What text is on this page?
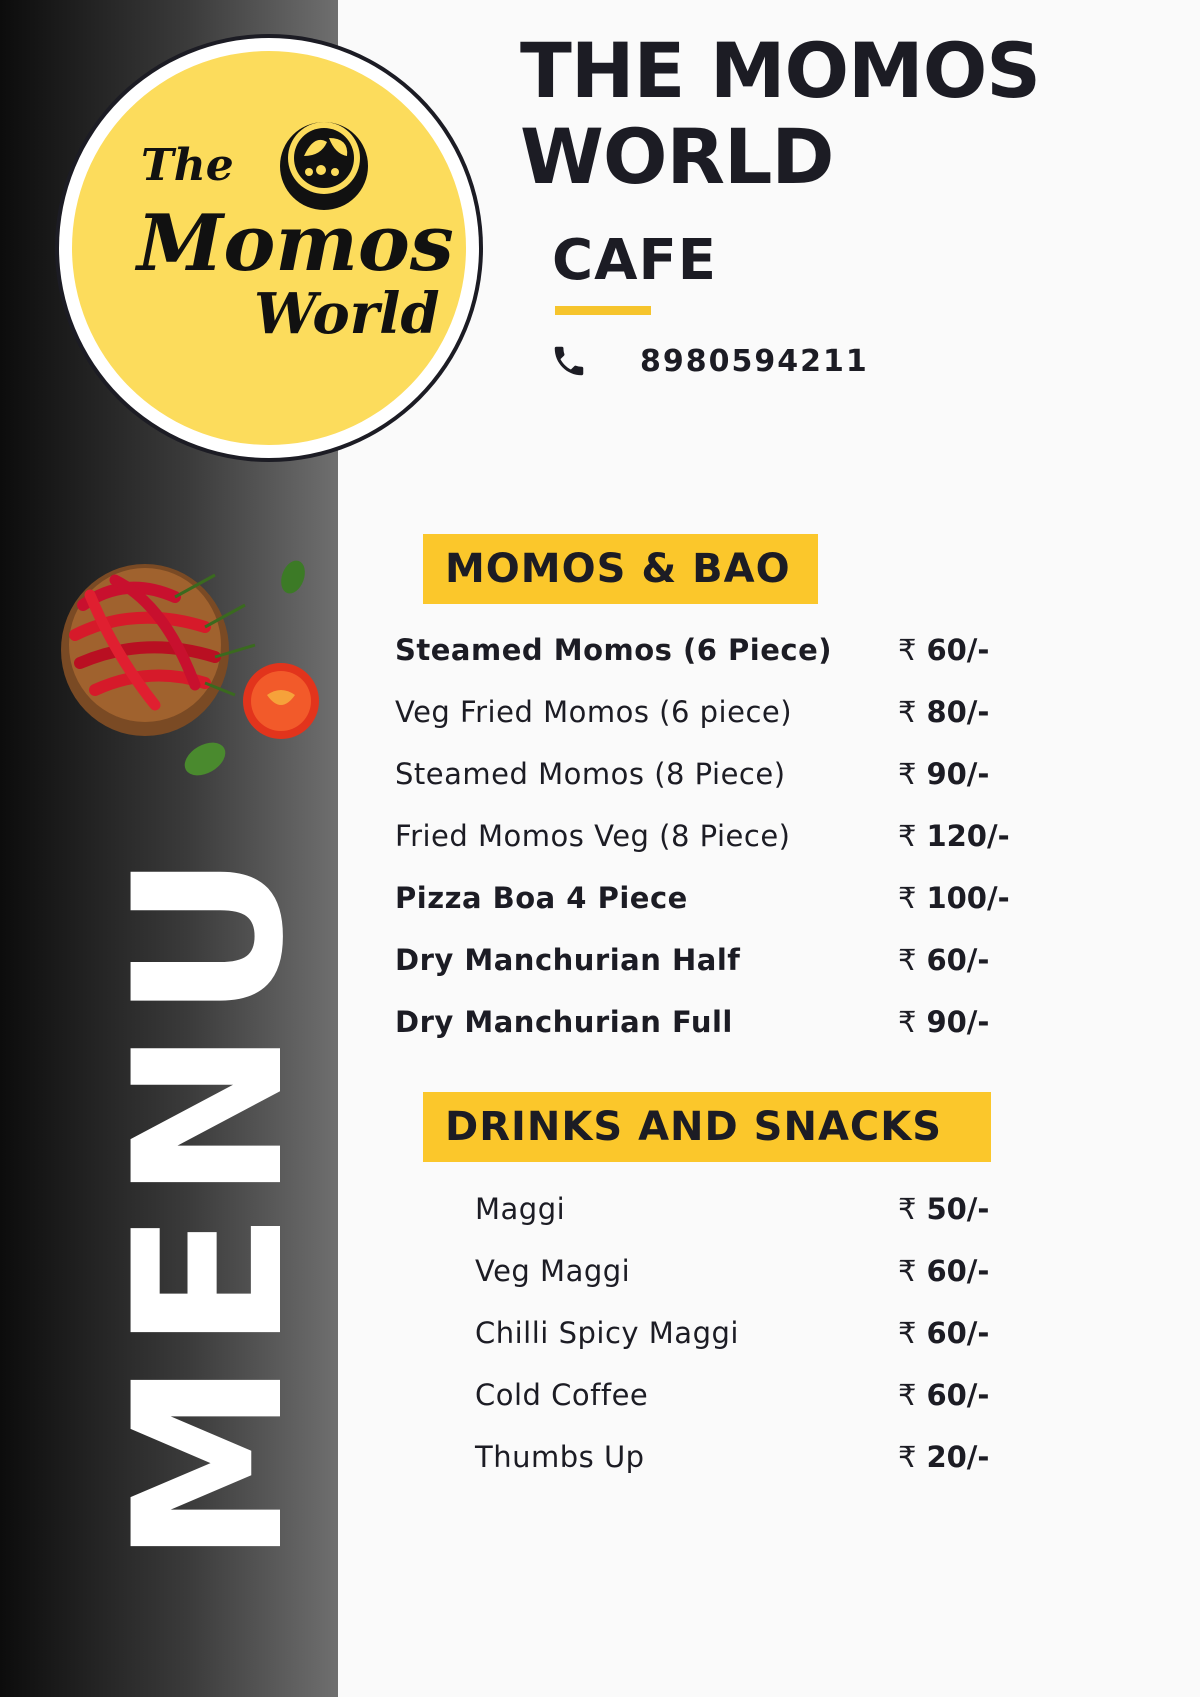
The
Momos
World
MENU
THE MOMOS
WORLD
CAFE
8980594211
MOMOS & BAO
Steamed Momos (6 Piece) ₹ 60/-
Veg Fried Momos (6 piece)	₹ 80/-
Steamed Momos (8 Piece)	₹ 90/-
Fried Momos Veg (8 Piece)	₹ 120/-
Pizza Boa 4 Piece	₹ 100/-
Dry Manchurian Half	₹ 60/-
Dry Manchurian Full	₹ 90/-
DRINKS AND SNACKS
Maggi	₹ 50/-
Veg Maggi	₹ 60/-
Chilli Spicy Maggi	₹ 60/-
Cold Coffee	₹ 60/-
Thumbs Up	₹ 20/-
